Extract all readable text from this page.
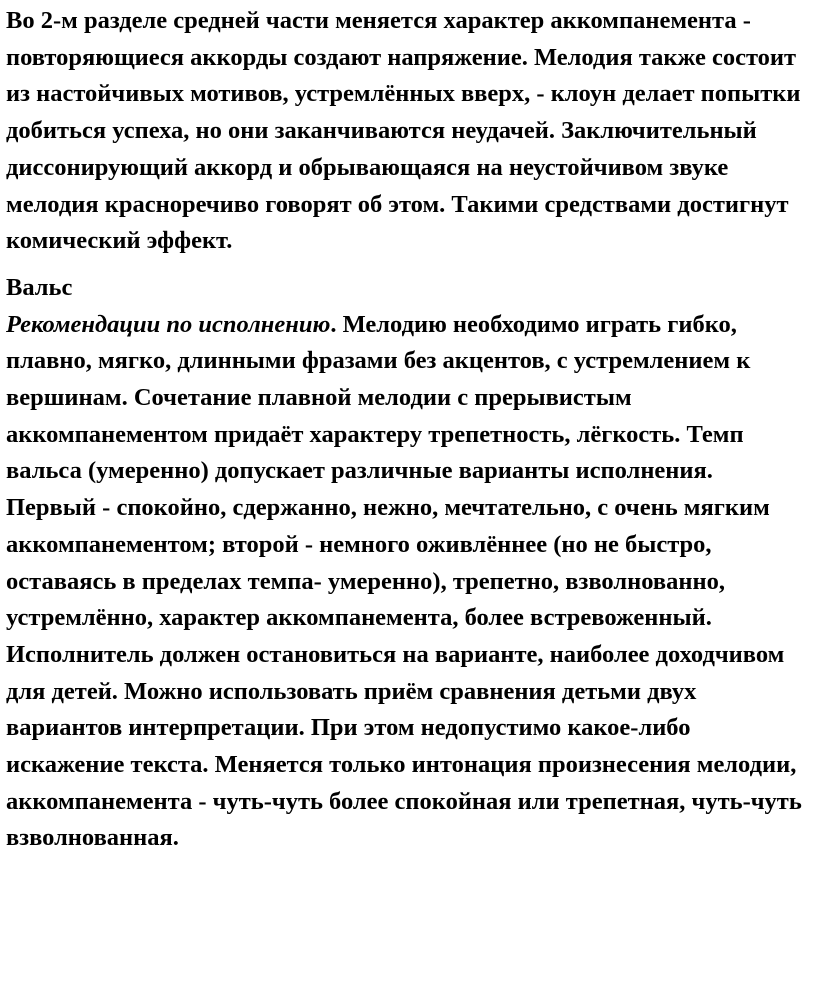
Во 2-м разделе средней части меняется характер аккомпанемента - повторяющиеся аккорды создают напряжение. Мелодия также состоит из настойчивых мотивов, устремлённых вверх, - клоун делает попытки добиться успеха, но они заканчиваются неудачей. Заключительный диссонирующий аккорд и обрывающаяся на неустойчивом звуке мелодия красноречиво говорят об этом. Такими средствами достигнут комический эффект.

Вальс

Рекомендации по исполнению. Мелодию необходимо играть гибко, плавно, мягко, длинными фразами без акцентов, с устремлением к вершинам. Сочетание плавной мелодии с прерывистым аккомпанементом придаёт характеру трепетность, лёгкость. Темп вальса (умеренно) допускает различные варианты исполнения.

Первый - спокойно, сдержанно, нежно, мечтательно, с очень мягким аккомпанементом; второй - немного оживлённее (но не быстро, оставаясь в пределах темпа- умеренно), трепетно, взволнованно, устремлённо, характер аккомпанемента, более встревоженный. Исполнитель должен остановиться на варианте, наиболее доходчивом для детей. Можно использовать приём сравнения детьми двух вариантов интерпретации. При этом недопустимо какое-либо искажение текста. Меняется только интонация произнесения мелодии, аккомпанемента - чуть-чуть более спокойная или трепетная, чуть-чуть взволнованная.
